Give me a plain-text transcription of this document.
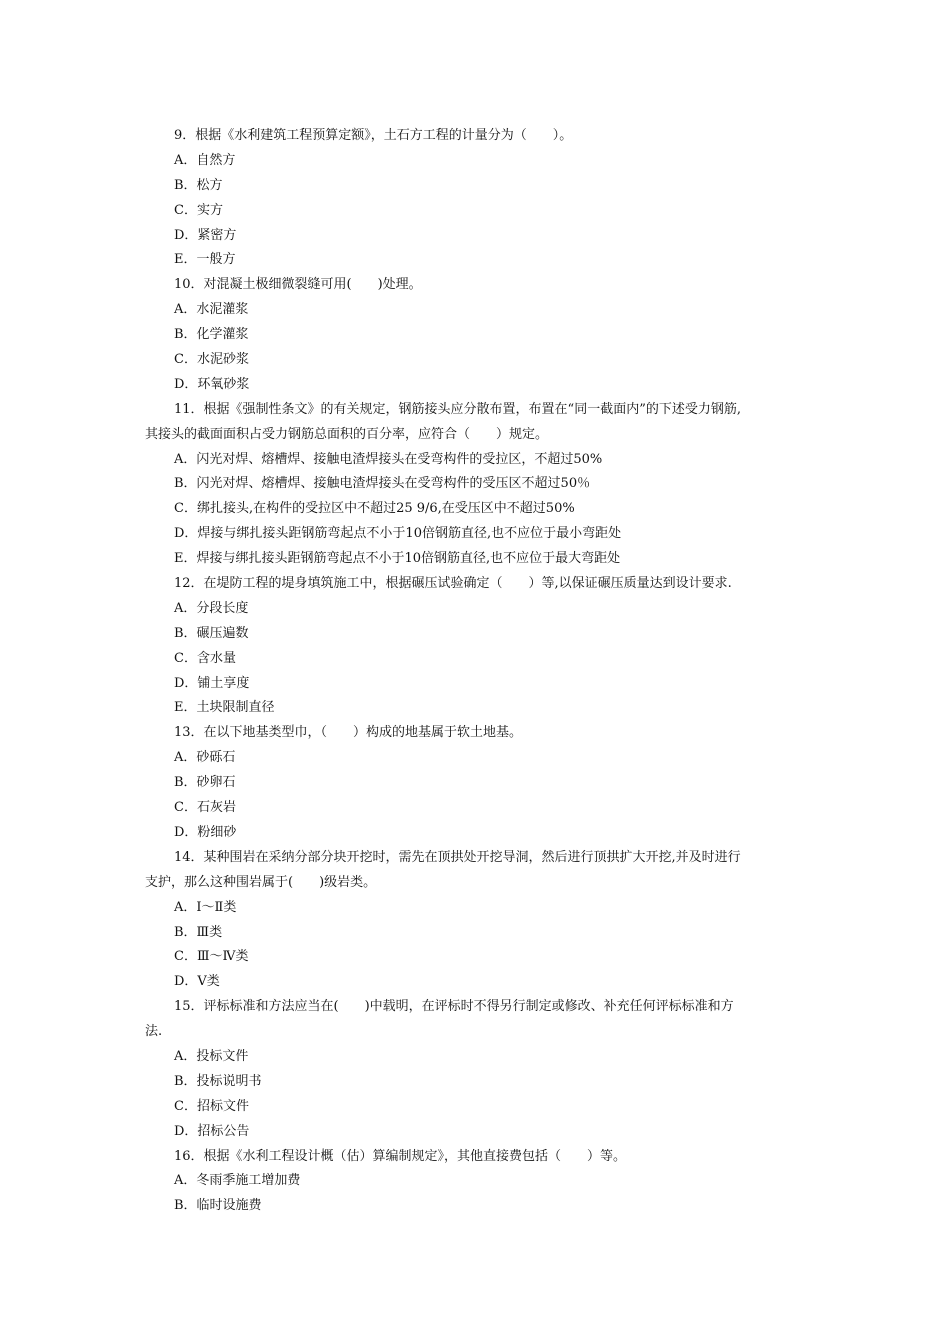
9．根据《水利建筑工程预算定额》，土石方工程的计量分为（　　）。
A．自然方
B．松方
C．实方
D．紧密方
E．一般方
10．对混凝土极细微裂缝可用(　　)处理。
A．水泥灌浆
B．化学灌浆
C．水泥砂浆
D．环氧砂浆
11．根据《强制性条文》的有关规定，钢筋接头应分散布置，布置在“同一截面内”的下述受力钢筋,
其接头的截面面积占受力钢筋总面积的百分率，应符合（　　）规定。
A．闪光对焊、熔槽焊、接触电渣焊接头在受弯构件的受拉区，不超过50%
B．闪光对焊、熔槽焊、接触电渣焊接头在受弯构件的受压区不超过50％
C．绑扎接头,在构件的受拉区中不超过25 9/6,在受压区中不超过50%
D．焊接与绑扎接头距钢筋弯起点不小于10倍钢筋直径,也不应位于最小弯距处
E．焊接与绑扎接头距钢筋弯起点不小于10倍钢筋直径,也不应位于最大弯距处
12．在堤防工程的堤身填筑施工中，根据碾压试验确定（　　）等,以保证碾压质量达到设计要求.
A．分段长度
B．碾压遍数
C．含水量
D．铺土享度
E．土块限制直径
13．在以下地基类型巾，（　　）构成的地基属于软土地基。
A．砂砾石
B．砂卵石
C．石灰岩
D．粉细砂
14．某种围岩在采纳分部分块开挖时，需先在顶拱处开挖导洞，然后进行顶拱扩大开挖,并及时进行
支护，那么这种围岩属于(　　)级岩类。
A．Ⅰ～Ⅱ类
B．Ⅲ类
C．Ⅲ～Ⅳ类
D．Ⅴ类
15．评标标准和方法应当在(　　)中载明，在评标时不得另行制定或修改、补充任何评标标准和方
法.
A．投标文件
B．投标说明书
C．招标文件
D．招标公告
16．根据《水利工程设计概（估）算编制规定》，其他直接费包括（　　）等。
A．冬雨季施工增加费
B．临时设施费
